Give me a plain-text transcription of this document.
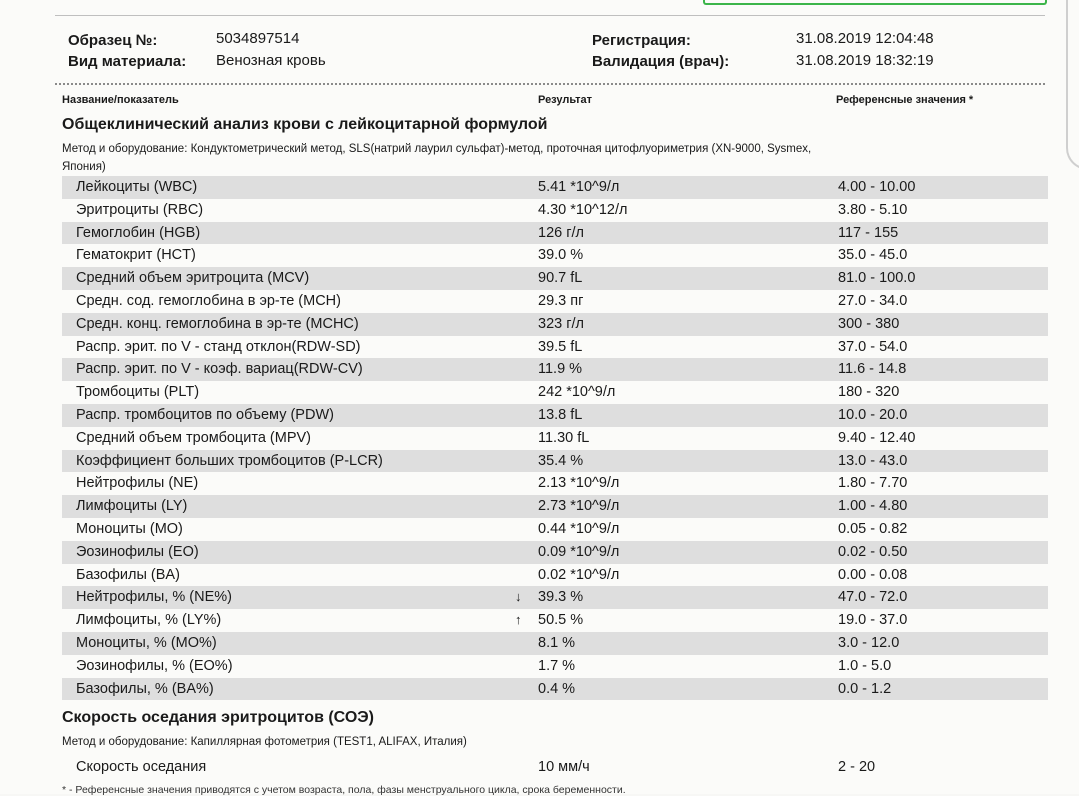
Образец №:	5034897514
Вид материала: Венозная кровь
Регистрация:	31.08.2019 12:04:48
Валидация (врач):	31.08.2019 18:32:19
Название/показатель	Результат	Референсные значения *
Общеклинический анализ крови с лейкоцитарной формулой
Метод и оборудование: Кондуктометрический метод, SLS(натрий лаурил сульфат)-метод, проточная цитофлуориметрия (XN-9000, Sysmex,
Япония)
Лейкоциты (WBC)	5.41 *10^9/л	4.00 - 10.00
Эритроциты (RBC)	4.30 *10^12/л	3.80 - 5.10
Гемоглобин (HGB)	126 г/л	117 - 155
Гематокрит (HCT)	39.0 %	35.0 - 45.0
Средний объем эритроцита (MCV)	90.7 fL	81.0 - 100.0
Средн. сод. гемоглобина в эр-те (MCH)	29.3 пг	27.0 - 34.0
Средн. конц. гемоглобина в эр-те (MCHC)	323 г/л	300 - 380
Распр. эрит. по V - станд отклон(RDW-SD)	39.5 fL	37.0 - 54.0
Распр. эрит. по V - коэф. вариац(RDW-CV)	11.9 %	11.6 - 14.8
Тромбоциты (PLT)	242 *10^9/л	180 - 320
Распр. тромбоцитов по объему (PDW)	13.8 fL	10.0 - 20.0
Средний объем тромбоцита (MPV)	11.30 fL	9.40 - 12.40
Коэффициент больших тромбоцитов (P-LCR)	35.4 %	13.0 - 43.0
Нейтрофилы (NE)	2.13 *10^9/л	1.80 - 7.70
Лимфоциты (LY)	2.73 *10^9/л	1.00 - 4.80
Моноциты (MO)	0.44 *10^9/л	0.05 - 0.82
Эозинофилы (EO)	0.09 *10^9/л	0.02 - 0.50
Базофилы (BA)	0.02 *10^9/л	0.00 - 0.08
Нейтрофилы, % (NE%)	↓ 39.3 %	47.0 - 72.0
Лимфоциты, % (LY%)	↑ 50.5 %	19.0 - 37.0
Моноциты, % (MO%)	8.1 %	3.0 - 12.0
Эозинофилы, % (EO%)	1.7 %	1.0 - 5.0
Базофилы, % (BA%)	0.4 %	0.0 - 1.2
Скорость оседания эритроцитов (СОЭ)
Метод и оборудование: Капиллярная фотометрия (TEST1, ALIFAX, Италия)
Скорость оседания	10 мм/ч	2 - 20
* - Референсные значения приводятся с учетом возраста, пола, фазы менструального цикла, срока беременности.
